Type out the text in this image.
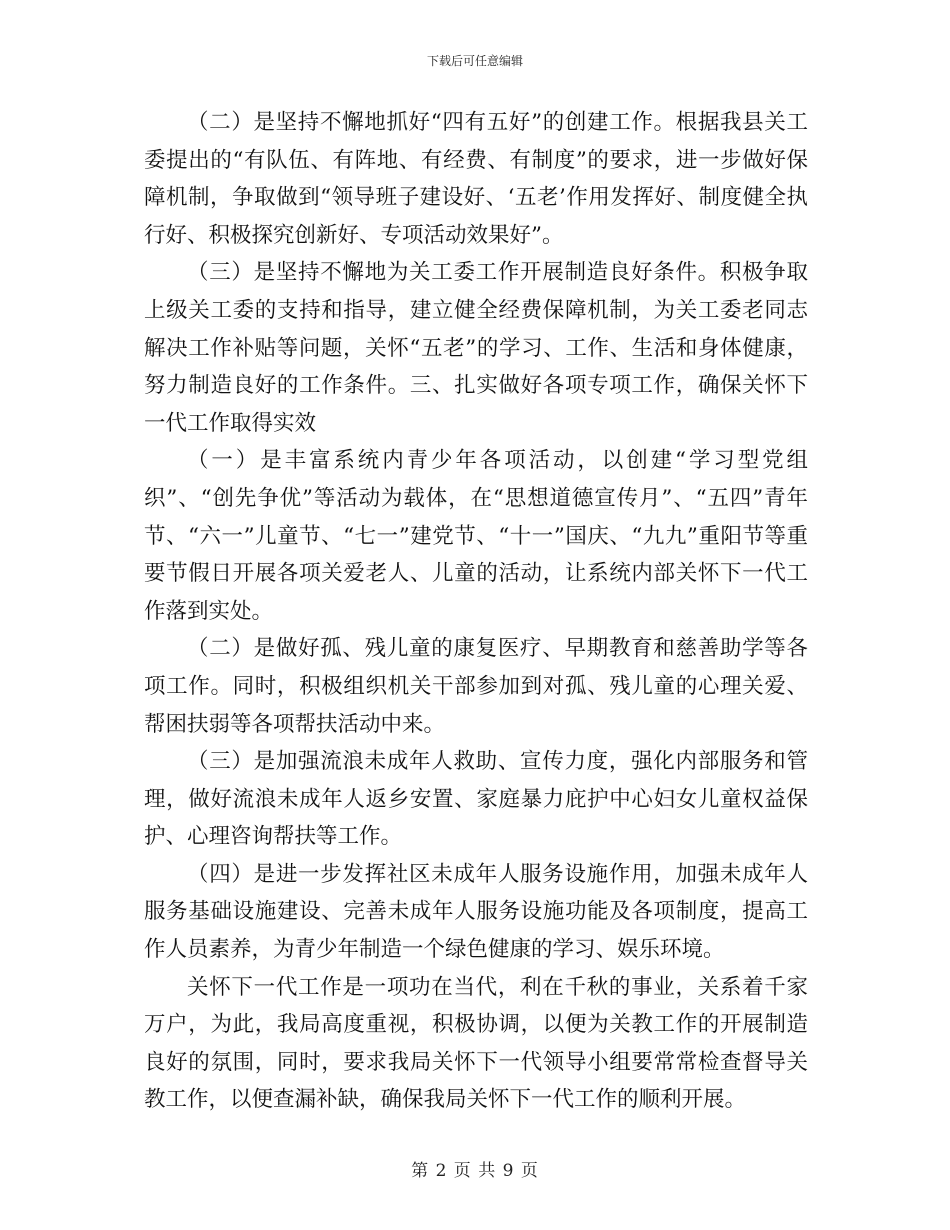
下载后可任意编辑

（二）是坚持不懈地抓好“四有五好”的创建工作。根据我县关工委提出的“有队伍、有阵地、有经费、有制度”的要求，进一步做好保障机制，争取做到“领导班子建设好、‘五老’作用发挥好、制度健全执行好、积极探究创新好、专项活动效果好”。

（三）是坚持不懈地为关工委工作开展制造良好条件。积极争取上级关工委的支持和指导，建立健全经费保障机制，为关工委老同志解决工作补贴等问题，关怀“五老”的学习、工作、生活和身体健康，努力制造良好的工作条件。三、扎实做好各项专项工作，确保关怀下一代工作取得实效

（一）是丰富系统内青少年各项活动，以创建“学习型党组织”、“创先争优”等活动为载体，在“思想道德宣传月”、“五四”青年节、“六一”儿童节、“七一”建党节、“十一”国庆、“九九”重阳节等重要节假日开展各项关爱老人、儿童的活动，让系统内部关怀下一代工作落到实处。

（二）是做好孤、残儿童的康复医疗、早期教育和慈善助学等各项工作。同时，积极组织机关干部参加到对孤、残儿童的心理关爱、帮困扶弱等各项帮扶活动中来。

（三）是加强流浪未成年人救助、宣传力度，强化内部服务和管理，做好流浪未成年人返乡安置、家庭暴力庇护中心妇女儿童权益保护、心理咨询帮扶等工作。

（四）是进一步发挥社区未成年人服务设施作用，加强未成年人服务基础设施建设、完善未成年人服务设施功能及各项制度，提高工作人员素养，为青少年制造一个绿色健康的学习、娱乐环境。

关怀下一代工作是一项功在当代，利在千秋的事业，关系着千家万户，为此，我局高度重视，积极协调，以便为关教工作的开展制造良好的氛围，同时，要求我局关怀下一代领导小组要常常检查督导关教工作，以便查漏补缺，确保我局关怀下一代工作的顺利开展。

第 2 页 共 9 页
